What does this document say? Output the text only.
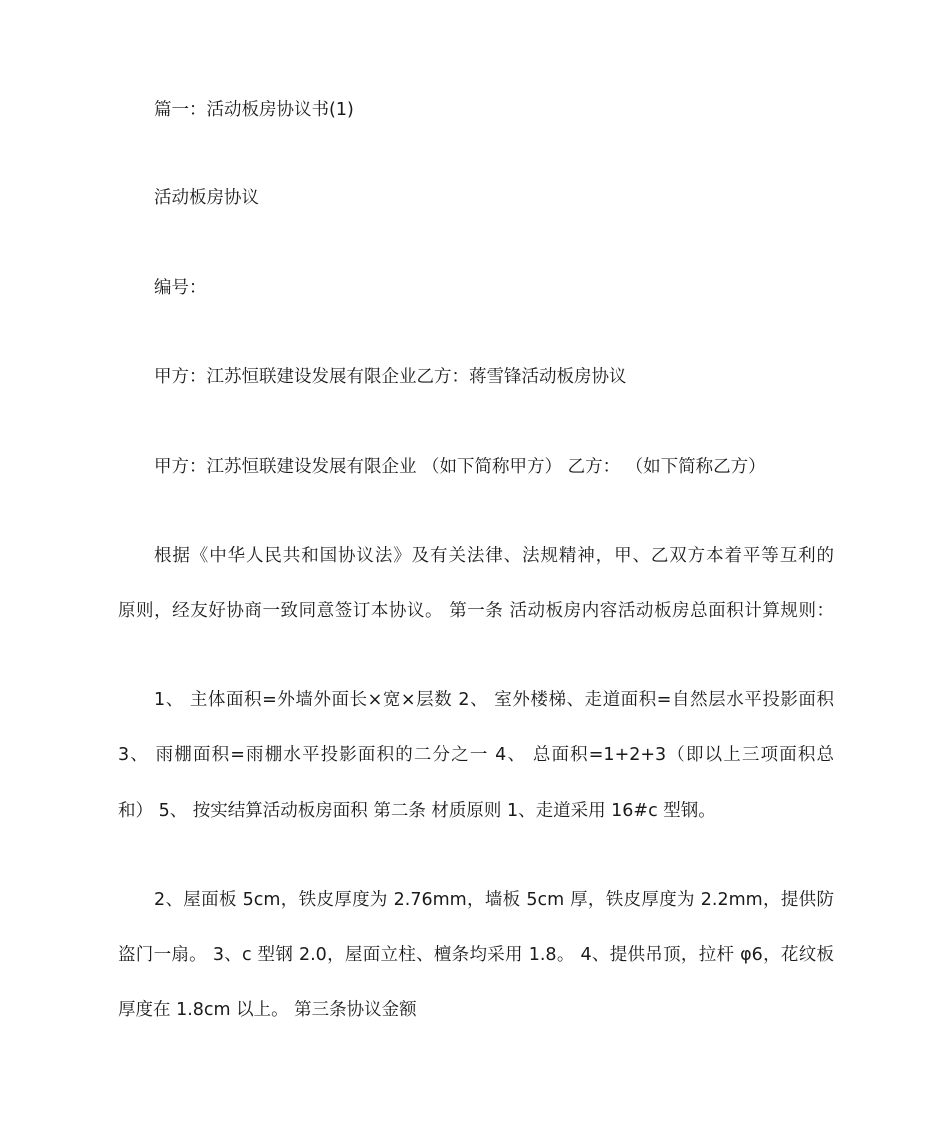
篇一：活动板房协议书(1)
活动板房协议
编号：
甲方：江苏恒联建设发展有限企业乙方：蒋雪锋活动板房协议
甲方：江苏恒联建设发展有限企业 （如下简称甲方） 乙方： （如下简称乙方）
根据《中华人民共和国协议法》及有关法律、法规精神，甲、乙双方本着平等互利的
原则，经友好协商一致同意签订本协议。 第一条 活动板房内容活动板房总面积计算规则：
1、 主体面积=外墙外面长×宽×层数 2、 室外楼梯、走道面积=自然层水平投影面积
3、 雨棚面积=雨棚水平投影面积的二分之一 4、 总面积=1+2+3（即以上三项面积总
和） 5、 按实结算活动板房面积 第二条 材质原则 1、走道采用 16#c 型钢。
2、屋面板 5cm，铁皮厚度为 2.76mm，墙板 5cm 厚，铁皮厚度为 2.2mm，提供防
盗门一扇。 3、c 型钢 2.0，屋面立柱、檀条均采用 1.8。 4、提供吊顶，拉杆 φ6，花纹板
厚度在 1.8cm 以上。 第三条协议金额
